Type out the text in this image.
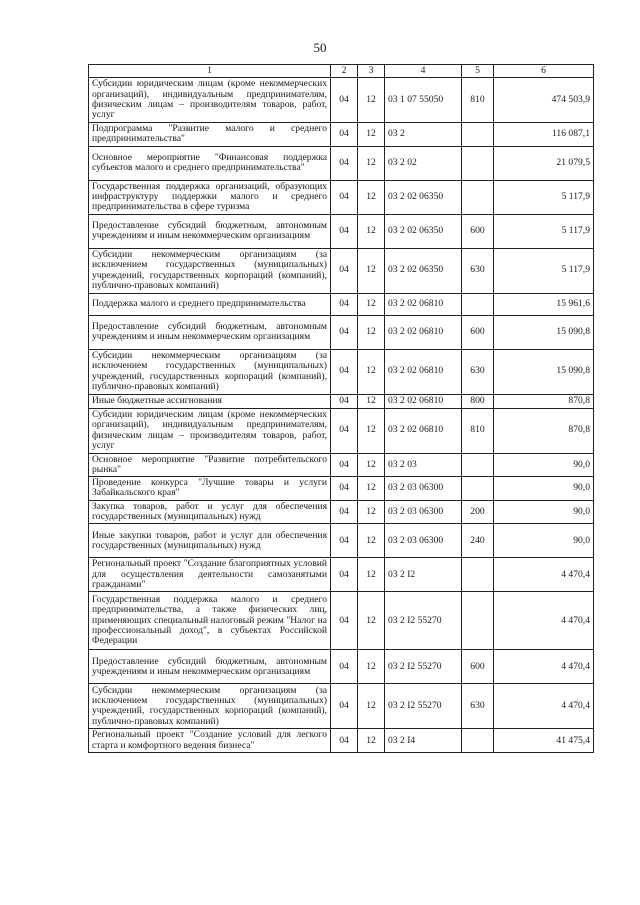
50
1	2	3	4	5	6
Субсидии юридическим лицам (кроме некоммерческих организаций), индивидуальным предпринимателям, физическим лицам – производителям товаров, работ, услуг	04	12	03 1 07 55050	810	474 503,9
Подпрограмма "Развитие малого и среднего предпринимательства"	04	12	03 2		116 087,1
Основное мероприятие "Финансовая поддержка субъектов малого и среднего предпринимательства"	04	12	03 2 02		21 079,5
Государственная поддержка организаций, образующих инфраструктуру поддержки малого и среднего предпринимательства в сфере туризма	04	12	03 2 02 06350		5 117,9
Предоставление субсидий бюджетным, автономным учреждениям и иным некоммерческим организациям	04	12	03 2 02 06350	600	5 117,9
Субсидии некоммерческим организациям (за исключением государственных (муниципальных) учреждений, государственных корпораций (компаний), публично-правовых компаний)	04	12	03 2 02 06350	630	5 117,9
Поддержка малого и среднего предпринимательства	04	12	03 2 02 06810		15 961,6
Предоставление субсидий бюджетным, автономным учреждениям и иным некоммерческим организациям	04	12	03 2 02 06810	600	15 090,8
Субсидии некоммерческим организациям (за исключением государственных (муниципальных) учреждений, государственных корпораций (компаний), публично-правовых компаний)	04	12	03 2 02 06810	630	15 090,8
Иные бюджетные ассигнования	04	12	03 2 02 06810	800	870,8
Субсидии юридическим лицам (кроме некоммерческих организаций), индивидуальным предпринимателям, физическим лицам – производителям товаров, работ, услуг	04	12	03 2 02 06810	810	870,8
Основное мероприятие "Развитие потребительского рынка"	04	12	03 2 03		90,0
Проведение конкурса "Лучшие товары и услуги Забайкальского края"	04	12	03 2 03 06300		90,0
Закупка товаров, работ и услуг для обеспечения государственных (муниципальных) нужд	04	12	03 2 03 06300	200	90,0
Иные закупки товаров, работ и услуг для обеспечения государственных (муниципальных) нужд	04	12	03 2 03 06300	240	90,0
Региональный проект "Создание благоприятных условий для осуществления деятельности самозанятыми гражданами"	04	12	03 2 I2		4 470,4
Государственная поддержка малого и среднего предпринимательства, а также физических лиц, применяющих специальный налоговый режим "Налог на профессиональный доход", в субъектах Российской Федерации	04	12	03 2 I2 55270		4 470,4
Предоставление субсидий бюджетным, автономным учреждениям и иным некоммерческим организациям	04	12	03 2 I2 55270	600	4 470,4
Субсидии некоммерческим организациям (за исключением государственных (муниципальных) учреждений, государственных корпораций (компаний), публично-правовых компаний)	04	12	03 2 I2 55270	630	4 470,4
Региональный проект "Создание условий для легкого старта и комфортного ведения бизнеса"	04	12	03 2 I4		41 475,4
